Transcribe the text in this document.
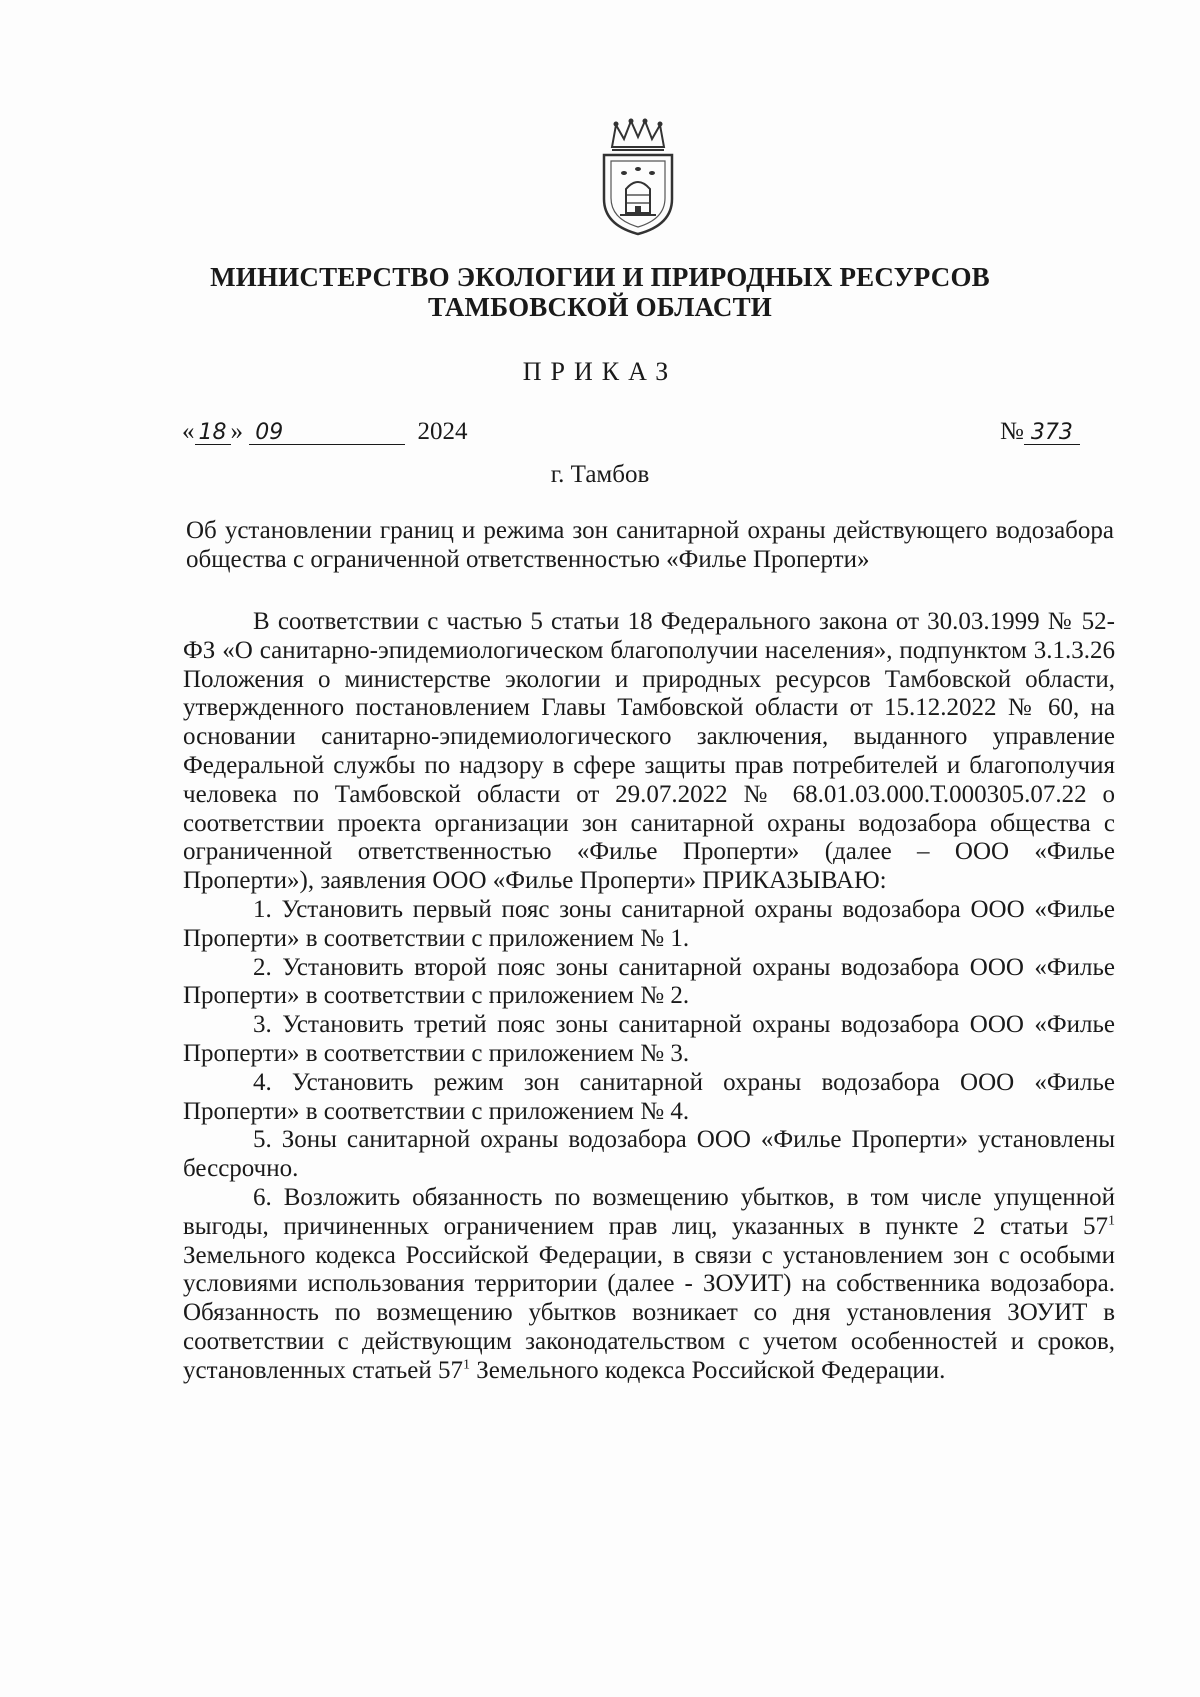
МИНИСТЕРСТВО ЭКОЛОГИИ И ПРИРОДНЫХ РЕСУРСОВ
ТАМБОВСКОЙ ОБЛАСТИ
ПРИКАЗ
« 18 » 09	2024	№ 373
г. Тамбов
Об установлении границ и режима зон санитарной охраны действующего водозабора общества с ограниченной ответственностью «Филье Проперти»

В соответствии с частью 5 статьи 18 Федерального закона от 30.03.1999 № 52-ФЗ «О санитарно-эпидемиологическом благополучии населения», подпунктом 3.1.3.26 Положения о министерстве экологии и природных ресурсов Тамбовской области, утвержденного постановлением Главы Тамбовской области от 15.12.2022 № 60, на основании санитарно-эпидемиологического заключения, выданного управление Федеральной службы по надзору в сфере защиты прав потребителей и благополучия человека по Тамбовской области от 29.07.2022 № 68.01.03.000.Т.000305.07.22 о соответствии проекта организации зон санитарной охраны водозабора общества с ограниченной ответственностью «Филье Проперти» (далее – ООО «Филье Проперти»), заявления ООО «Филье Проперти» ПРИКАЗЫВАЮ:

1. Установить первый пояс зоны санитарной охраны водозабора ООО «Филье Проперти» в соответствии с приложением № 1.

2. Установить второй пояс зоны санитарной охраны водозабора ООО «Филье Проперти» в соответствии с приложением № 2.

3. Установить третий пояс зоны санитарной охраны водозабора ООО «Филье Проперти» в соответствии с приложением № 3.

4. Установить режим зон санитарной охраны водозабора ООО «Филье Проперти» в соответствии с приложением № 4.

5. Зоны санитарной охраны водозабора ООО «Филье Проперти» установлены бессрочно.

6. Возложить обязанность по возмещению убытков, в том числе упущенной выгоды, причиненных ограничением прав лиц, указанных в пункте 2 статьи $57^1$ Земельного кодекса Российской Федерации, в связи с установлением зон с особыми условиями использования территории (далее - ЗОУИТ) на собственника водозабора. Обязанность по возмещению убытков возникает со дня установления ЗОУИТ в соответствии с действующим законодательством с учетом особенностей и сроков, установленных статьей $57^1$ Земельного кодекса Российской Федерации.
